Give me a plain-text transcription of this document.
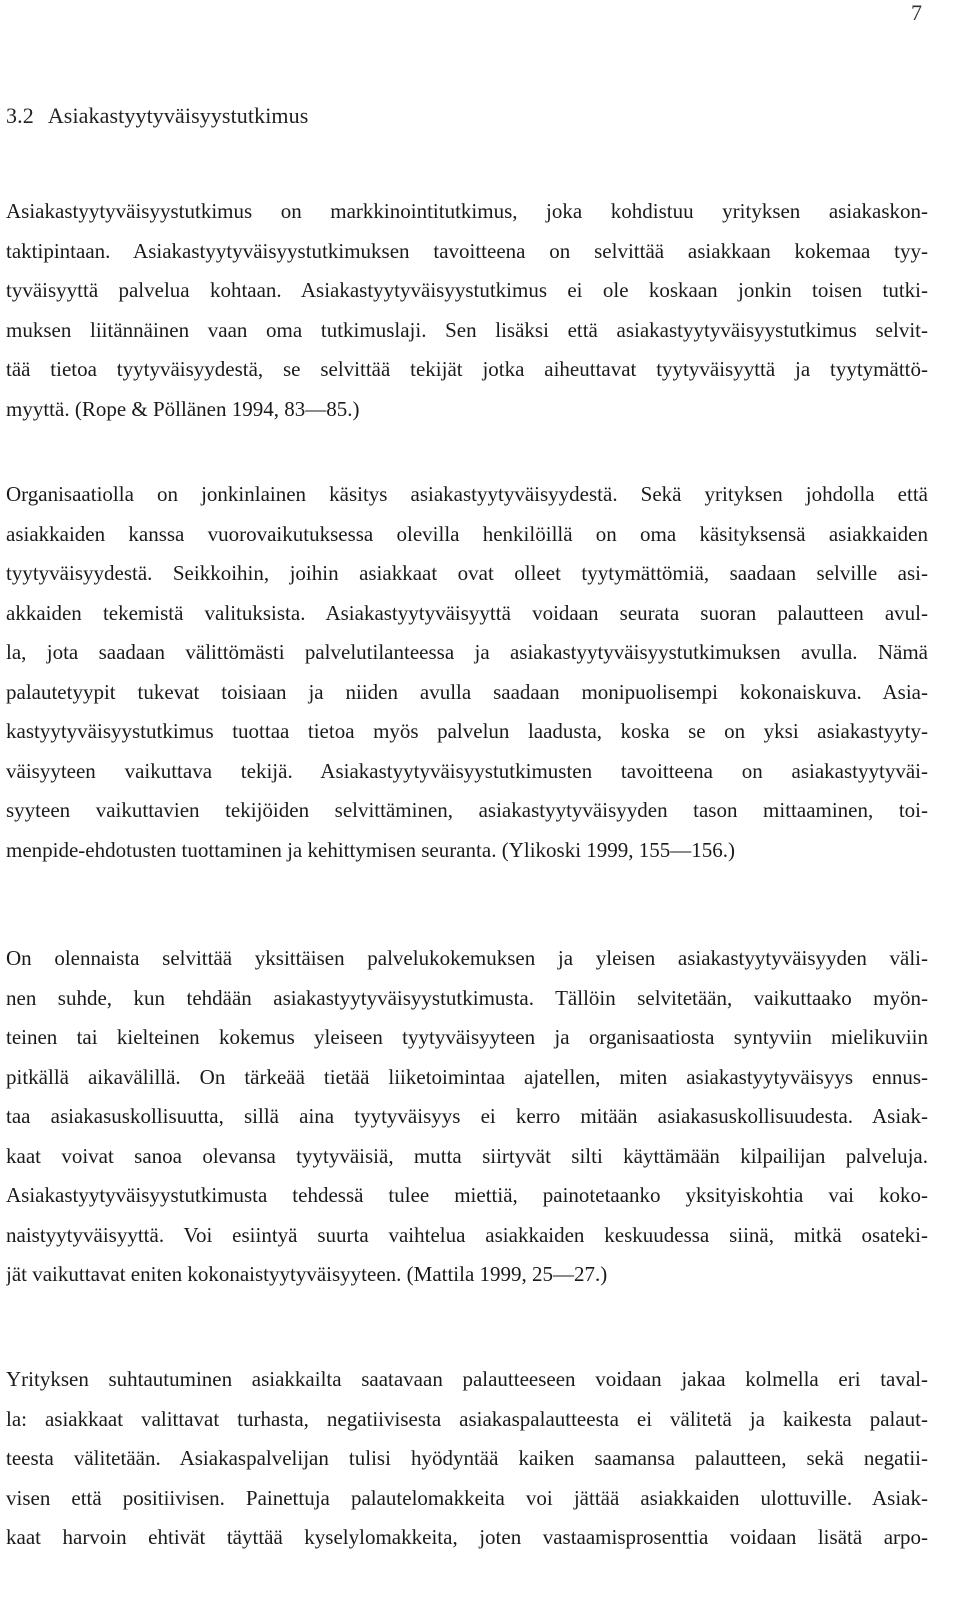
7
3.2 Asiakastyytyväisyystutkimus
Asiakastyytyväisyystutkimus on markkinointitutkimus, joka kohdistuu yrityksen asiakaskon-
taktipintaan. Asiakastyytyväisyystutkimuksen tavoitteena on selvittää asiakkaan kokemaa tyy-
tyväisyyttä palvelua kohtaan. Asiakastyytyväisyystutkimus ei ole koskaan jonkin toisen tutki-
muksen liitännäinen vaan oma tutkimuslaji. Sen lisäksi että asiakastyytyväisyystutkimus selvit-
tää tietoa tyytyväisyydestä, se selvittää tekijät jotka aiheuttavat tyytyväisyyttä ja tyytymättö-
myyttä. (Rope & Pöllänen 1994, 83—85.)
Organisaatiolla on jonkinlainen käsitys asiakastyytyväisyydestä. Sekä yrityksen johdolla että
asiakkaiden kanssa vuorovaikutuksessa olevilla henkilöillä on oma käsityksensä asiakkaiden
tyytyväisyydestä. Seikkoihin, joihin asiakkaat ovat olleet tyytymättömiä, saadaan selville asi-
akkaiden tekemistä valituksista. Asiakastyytyväisyyttä voidaan seurata suoran palautteen avul-
la, jota saadaan välittömästi palvelutilanteessa ja asiakastyytyväisyystutkimuksen avulla. Nämä
palautetyypit tukevat toisiaan ja niiden avulla saadaan monipuolisempi kokonaiskuva. Asia-
kastyytyväisyystutkimus tuottaa tietoa myös palvelun laadusta, koska se on yksi asiakastyyty-
väisyyteen vaikuttava tekijä. Asiakastyytyväisyystutkimusten tavoitteena on asiakastyytyväi-
syyteen vaikuttavien tekijöiden selvittäminen, asiakastyytyväisyyden tason mittaaminen, toi-
menpide-ehdotusten tuottaminen ja kehittymisen seuranta. (Ylikoski 1999, 155—156.)
On olennaista selvittää yksittäisen palvelukokemuksen ja yleisen asiakastyytyväisyyden väli-
nen suhde, kun tehdään asiakastyytyväisyystutkimusta. Tällöin selvitetään, vaikuttaako myön-
teinen tai kielteinen kokemus yleiseen tyytyväisyyteen ja organisaatiosta syntyviin mielikuviin
pitkällä aikavälillä. On tärkeää tietää liiketoimintaa ajatellen, miten asiakastyytyväisyys ennus-
taa asiakasuskollisuutta, sillä aina tyytyväisyys ei kerro mitään asiakasuskollisuudesta. Asiak-
kaat voivat sanoa olevansa tyytyväisiä, mutta siirtyvät silti käyttämään kilpailijan palveluja.
Asiakastyytyväisyystutkimusta tehdessä tulee miettiä, painotetaanko yksityiskohtia vai koko-
naistyytyväisyyttä. Voi esiintyä suurta vaihtelua asiakkaiden keskuudessa siinä, mitkä osateki-
jät vaikuttavat eniten kokonaistyytyväisyyteen. (Mattila 1999, 25—27.)
Yrityksen suhtautuminen asiakkailta saatavaan palautteeseen voidaan jakaa kolmella eri taval-
la: asiakkaat valittavat turhasta, negatiivisesta asiakaspalautteesta ei välitetä ja kaikesta palaut-
teesta välitetään. Asiakaspalvelijan tulisi hyödyntää kaiken saamansa palautteen, sekä negatii-
visen että positiivisen. Painettuja palautelomakkeita voi jättää asiakkaiden ulottuville. Asiak-
kaat harvoin ehtivät täyttää kyselylomakkeita, joten vastaamisprosenttia voidaan lisätä arpo-
